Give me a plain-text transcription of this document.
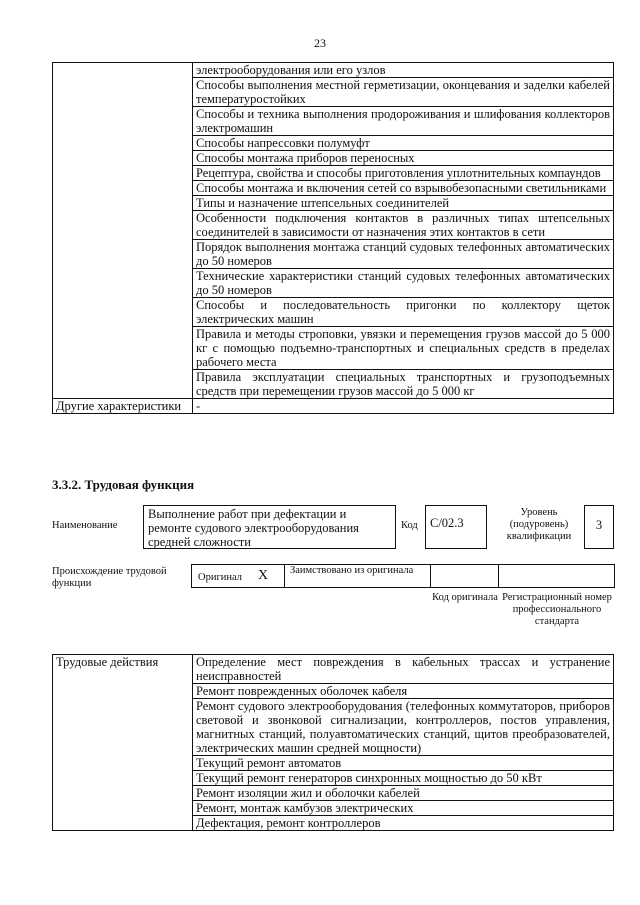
23
	электрооборудования или его узлов
	Способы выполнения местной герметизации, оконцевания и заделки кабелей температуростойких
	Способы и техника выполнения продороживания и шлифования коллекторов электромашин
	Способы напрессовки полумуфт
	Способы монтажа приборов переносных
	Рецептура, свойства и способы приготовления уплотнительных компаундов
	Способы монтажа и включения сетей со взрывобезопасными светильниками
	Типы и назначение штепсельных соединителей
	Особенности подключения контактов в различных типах штепсельных соединителей в зависимости от назначения этих контактов в сети
	Порядок выполнения монтажа станций судовых телефонных автоматических до 50 номеров
	Технические характеристики станций судовых телефонных автоматических до 50 номеров
	Способы и последовательность пригонки по коллектору щеток электрических машин
	Правила и методы строповки, увязки и перемещения грузов массой до 5 000 кг с помощью подъемно-транспортных и специальных средств в пределах рабочего места
	Правила эксплуатации специальных транспортных и грузоподъемных средств при перемещении грузов массой до 5 000 кг
Другие характеристики	-
3.3.2. Трудовая функция
Наименование
Выполнение работ при дефектации и ремонте судового электрооборудования средней сложности
Код C/02.3
Уровень (подуровень) квалификации
3
Происхождение трудовой функции
Оригинал X Заимствовано из оригинала
Код оригинала Регистрационный номер профессионального стандарта
Трудовые действия	Определение мест повреждения в кабельных трассах и устранение неисправностей
Ремонт поврежденных оболочек кабеля
Ремонт судового электрооборудования (телефонных коммутаторов, приборов световой и звонковой сигнализации, контроллеров, постов управления, магнитных станций, полуавтоматических станций, щитов преобразователей, электрических машин средней мощности)
Текущий ремонт автоматов
Текущий ремонт генераторов синхронных мощностью до 50 кВт
Ремонт изоляции жил и оболочки кабелей
Ремонт, монтаж камбузов электрических
Дефектация, ремонт контроллеров
